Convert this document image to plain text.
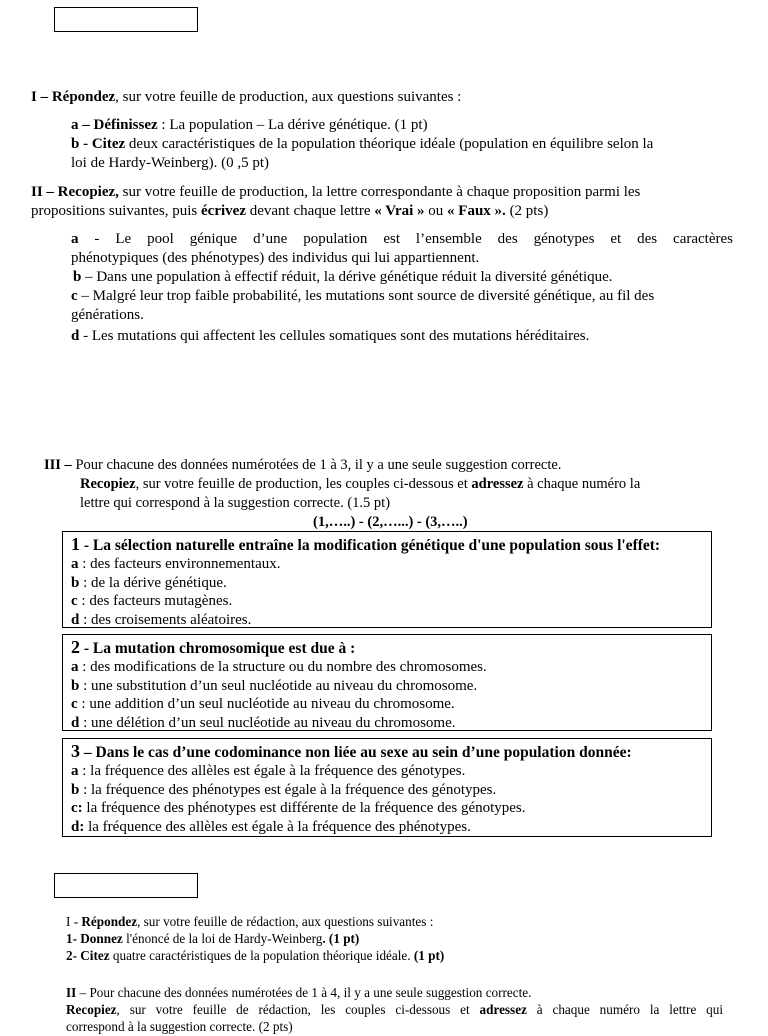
I – Répondez, sur votre feuille de production, aux questions suivantes :
a – Définissez : La population – La dérive génétique. (1 pt)
b - Citez deux caractéristiques de la population théorique idéale (population en équilibre selon la
loi de Hardy-Weinberg). (0 ,5 pt)
II – Recopiez, sur votre feuille de production, la lettre correspondante à chaque proposition parmi les
propositions suivantes, puis écrivez devant chaque lettre « Vrai » ou « Faux ». (2 pts)
a - Le pool génique d’une population est l’ensemble des génotypes et des caractères
phénotypiques (des phénotypes) des individus qui lui appartiennent.
b – Dans une population à effectif réduit, la dérive génétique réduit la diversité génétique.
c – Malgré leur trop faible probabilité, les mutations sont source de diversité génétique, au fil des
générations.
d - Les mutations qui affectent les cellules somatiques sont des mutations héréditaires.
III – Pour chacune des données numérotées de 1 à 3, il y a une seule suggestion correcte.
Recopiez, sur votre feuille de production, les couples ci-dessous et adressez à chaque numéro la
lettre qui correspond à la suggestion correcte. (1.5 pt)
(1,…..) - (2,…...) - (3,…..)
1 - La sélection naturelle entraîne la modification génétique d'une population sous l'effet:
a : des facteurs environnementaux.
b : de la dérive génétique.
c : des facteurs mutagènes.
d : des croisements aléatoires.
2 - La mutation chromosomique est due à :
a : des modifications de la structure ou du nombre des chromosomes.
b : une substitution d’un seul nucléotide au niveau du chromosome.
c : une addition d’un seul nucléotide au niveau du chromosome.
d : une délétion d’un seul nucléotide au niveau du chromosome.
3 – Dans le cas d’une codominance non liée au sexe au sein d’une population donnée:
a : la fréquence des allèles est égale à la fréquence des génotypes.
b : la fréquence des phénotypes est égale à la fréquence des génotypes.
c: la fréquence des phénotypes est différente de la fréquence des génotypes.
d: la fréquence des allèles est égale à la fréquence des phénotypes.
I - Répondez, sur votre feuille de rédaction, aux questions suivantes :
1- Donnez l'énoncé de la loi de Hardy-Weinberg. (1 pt)
2- Citez quatre caractéristiques de la population théorique idéale. (1 pt)
II – Pour chacune des données numérotées de 1 à 4, il y a une seule suggestion correcte.
Recopiez, sur votre feuille de rédaction, les couples ci-dessous et adressez à chaque numéro la lettre qui
correspond à la suggestion correcte. (2 pts)
